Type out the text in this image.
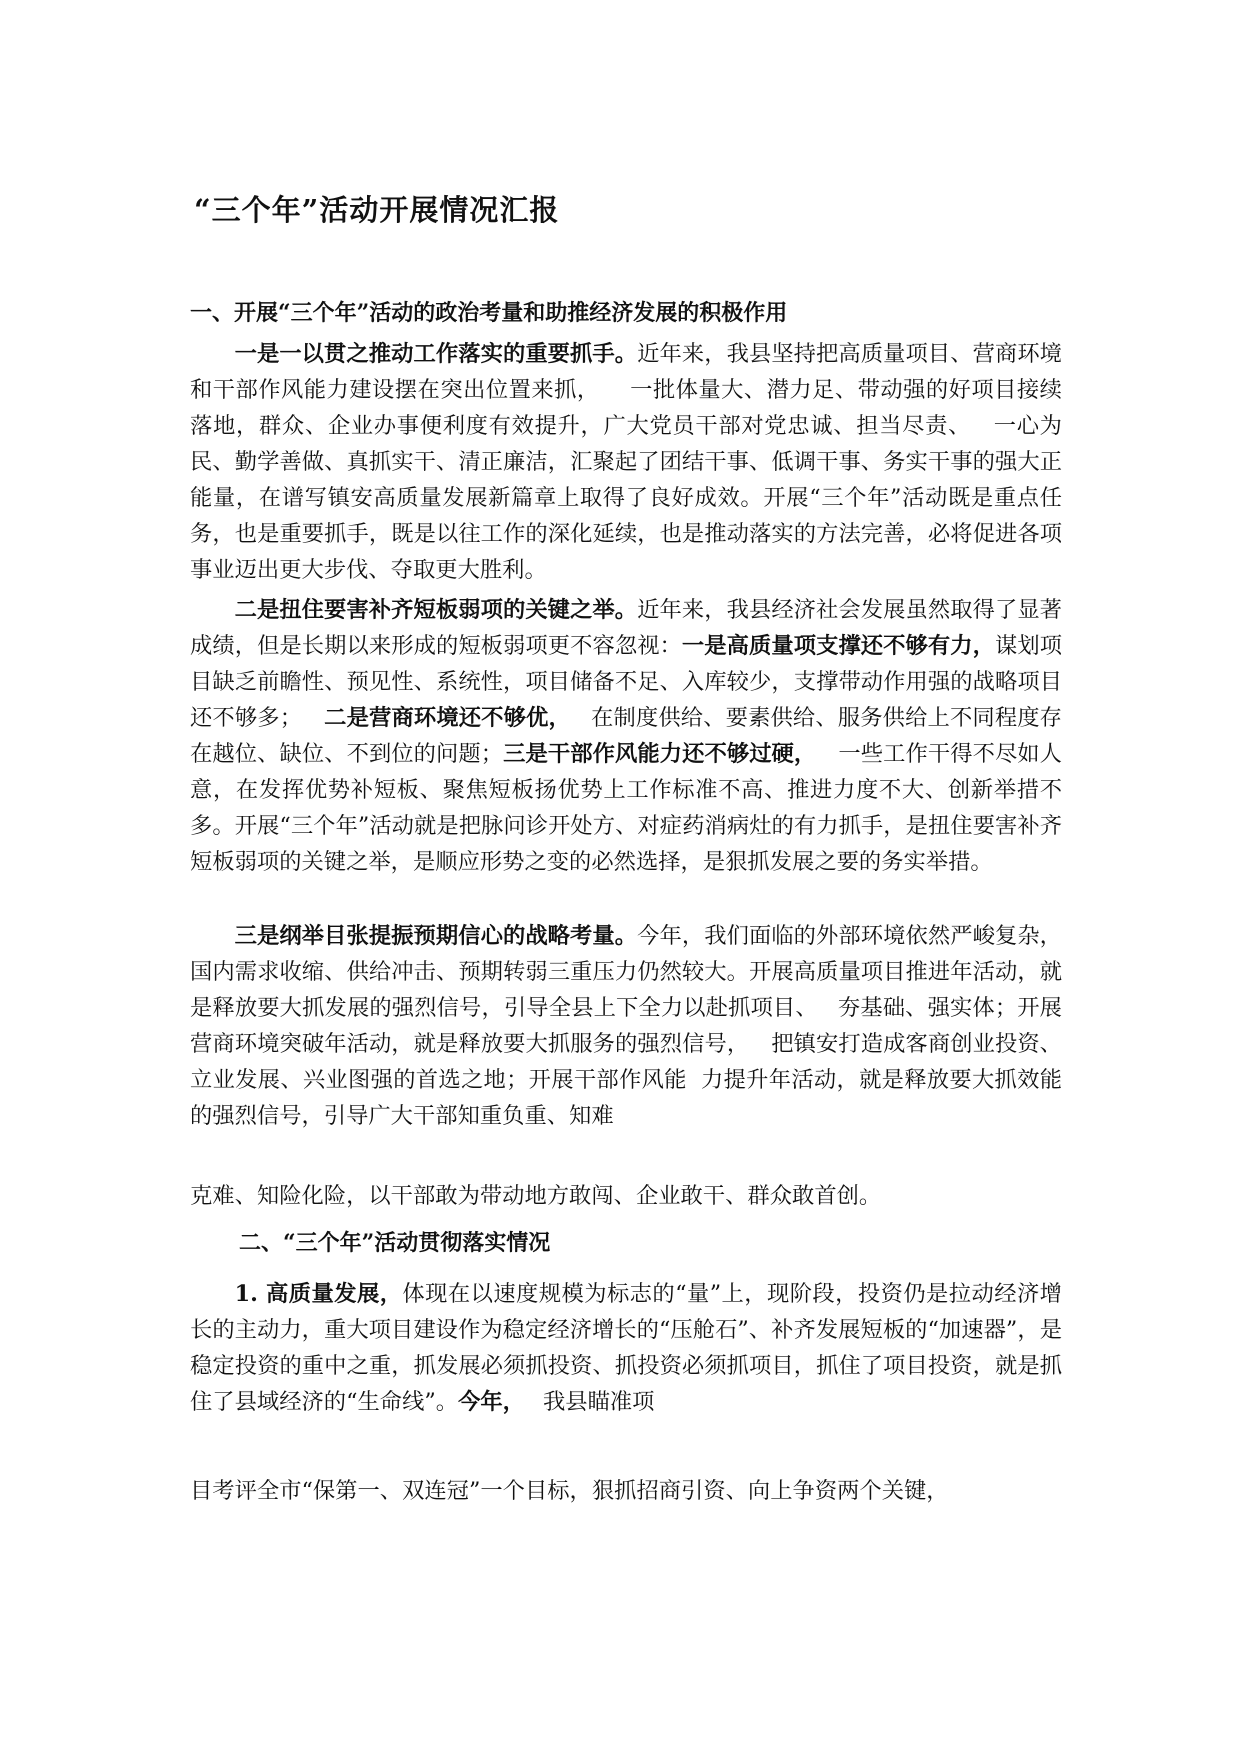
“三个年”活动开展情况汇报
一、开展“三个年”活动的政治考量和助推经济发展的积极作用

一是一以贯之推动工作落实的重要抓手。近年来，我县坚持把高质量项目、营商环境和干部作风能力建设摆在突出位置来抓， 一批体量大、潜力足、带动强的好项目接续落地，群众、企业办事便利度有效提升，广大党员干部对党忠诚、担当尽责、 一心为民、勤学善做、真抓实干、清正廉洁，汇聚起了团结干事、低调干事、务实干事的强大正能量，在谱写镇安高质量发展新篇章上取得了良好成效。开展“三个年”活动既是重点任务，也是重要抓手，既是以往工作的深化延续，也是推动落实的方法完善，必将促进各项事业迈出更大步伐、夺取更大胜利。

二是扭住要害补齐短板弱项的关键之举。近年来，我县经济社会发展虽然取得了显著成绩，但是长期以来形成的短板弱项更不容忽视：一是高质量项支撑还不够有力，谋划项目缺乏前瞻性、预见性、系统性，项目储备不足、入库较少，支撑带动作用强的战略项目还不够多； 二是营商环境还不够优， 在制度供给、要素供给、服务供给上不同程度存在越位、缺位、不到位的问题；三是干部作风能力还不够过硬， 一些工作干得不尽如人意，在发挥优势补短板、聚焦短板扬优势上工作标准不高、推进力度不大、创新举措不多。开展“三个年”活动就是把脉问诊开处方、对症药消病灶的有力抓手，是扭住要害补齐短板弱项的关键之举，是顺应形势之变的必然选择，是狠抓发展之要的务实举措。

三是纲举目张提振预期信心的战略考量。今年，我们面临的外部环境依然严峻复杂，国内需求收缩、供给冲击、预期转弱三重压力仍然较大。开展高质量项目推进年活动，就是释放要大抓发展的强烈信号，引导全县上下全力以赴抓项目、 夯基础、强实体；开展营商环境突破年活动，就是释放要大抓服务的强烈信号， 把镇安打造成客商创业投资、立业发展、兴业图强的首选之地；开展干部作风能 力提升年活动，就是释放要大抓效能的强烈信号，引导广大干部知重负重、知难

克难、知险化险，以干部敢为带动地方敢闯、企业敢干、群众敢首创。

二、“三个年”活动贯彻落实情况

1. 高质量发展，体现在以速度规模为标志的“量”上，现阶段，投资仍是拉动经济增长的主动力，重大项目建设作为稳定经济增长的“压舱石”、补齐发展短板的“加速器”，是稳定投资的重中之重，抓发展必须抓投资、抓投资必须抓项目，抓住了项目投资，就是抓住了县域经济的“生命线”。今年， 我县瞄准项

目考评全市“保第一、双连冠”一个目标，狠抓招商引资、向上争资两个关键，
